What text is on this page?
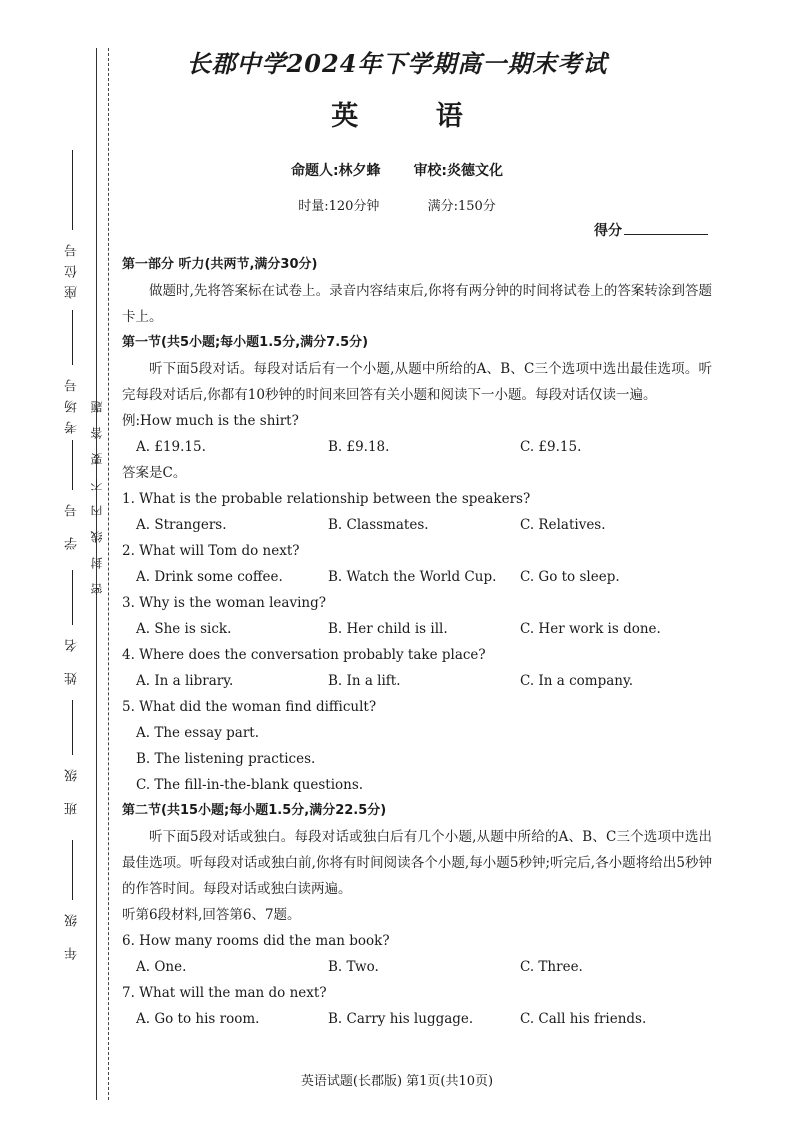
座位号
考场号
学 号
姓 名
班 级
年 级
题
答
要
不
内
线
封
密
长郡中学2024年下学期高一期末考试
英 语
命题人:林夕蜂 审校:炎德文化
时量:120分钟	满分:150分
得分
第一部分 听力(共两节,满分30分)
做题时,先将答案标在试卷上。录音内容结束后,你将有两分钟的时间将试卷上的答案转涂到答题卡上。
第一节(共5小题;每小题1.5分,满分7.5分)
听下面5段对话。每段对话后有一个小题,从题中所给的A、B、C三个选项中选出最佳选项。听完每段对话后,你都有10秒钟的时间来回答有关小题和阅读下一小题。每段对话仅读一遍。
例:How much is the shirt?
A. £19.15.	B. £9.18.	C. £9.15.
答案是C。
1. What is the probable relationship between the speakers?
A. Strangers.	B. Classmates.	C. Relatives.
2. What will Tom do next?
A. Drink some coffee.	B. Watch the World Cup.	C. Go to sleep.
3. Why is the woman leaving?
A. She is sick.	B. Her child is ill.	C. Her work is done.
4. Where does the conversation probably take place?
A. In a library.	B. In a lift.	C. In a company.
5. What did the woman find difficult?
A. The essay part.
B. The listening practices.
C. The fill-in-the-blank questions.
第二节(共15小题;每小题1.5分,满分22.5分)
听下面5段对话或独白。每段对话或独白后有几个小题,从题中所给的A、B、C三个选项中选出最佳选项。听每段对话或独白前,你将有时间阅读各个小题,每小题5秒钟;听完后,各小题将给出5秒钟的作答时间。每段对话或独白读两遍。
听第6段材料,回答第6、7题。
6. How many rooms did the man book?
A. One.	B. Two.	C. Three.
7. What will the man do next?
A. Go to his room.	B. Carry his luggage.	C. Call his friends.
英语试题(长郡版) 第1页(共10页)
